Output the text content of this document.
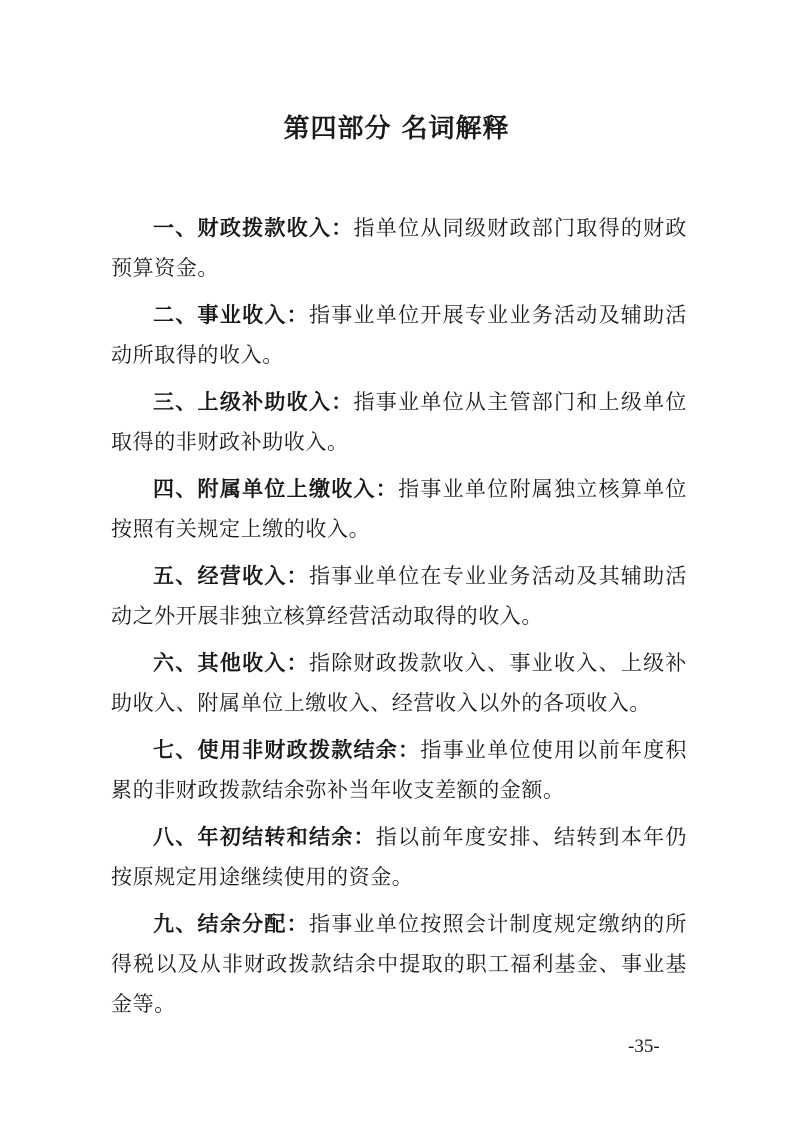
第四部分 名词解释

一、财政拨款收入：指单位从同级财政部门取得的财政预算资金。

二、事业收入：指事业单位开展专业业务活动及辅助活动所取得的收入。

三、上级补助收入：指事业单位从主管部门和上级单位取得的非财政补助收入。

四、附属单位上缴收入：指事业单位附属独立核算单位按照有关规定上缴的收入。

五、经营收入：指事业单位在专业业务活动及其辅助活动之外开展非独立核算经营活动取得的收入。

六、其他收入：指除财政拨款收入、事业收入、上级补助收入、附属单位上缴收入、经营收入以外的各项收入。

七、使用非财政拨款结余：指事业单位使用以前年度积累的非财政拨款结余弥补当年收支差额的金额。

八、年初结转和结余：指以前年度安排、结转到本年仍按原规定用途继续使用的资金。

九、结余分配：指事业单位按照会计制度规定缴纳的所得税以及从非财政拨款结余中提取的职工福利基金、事业基金等。

-35-
